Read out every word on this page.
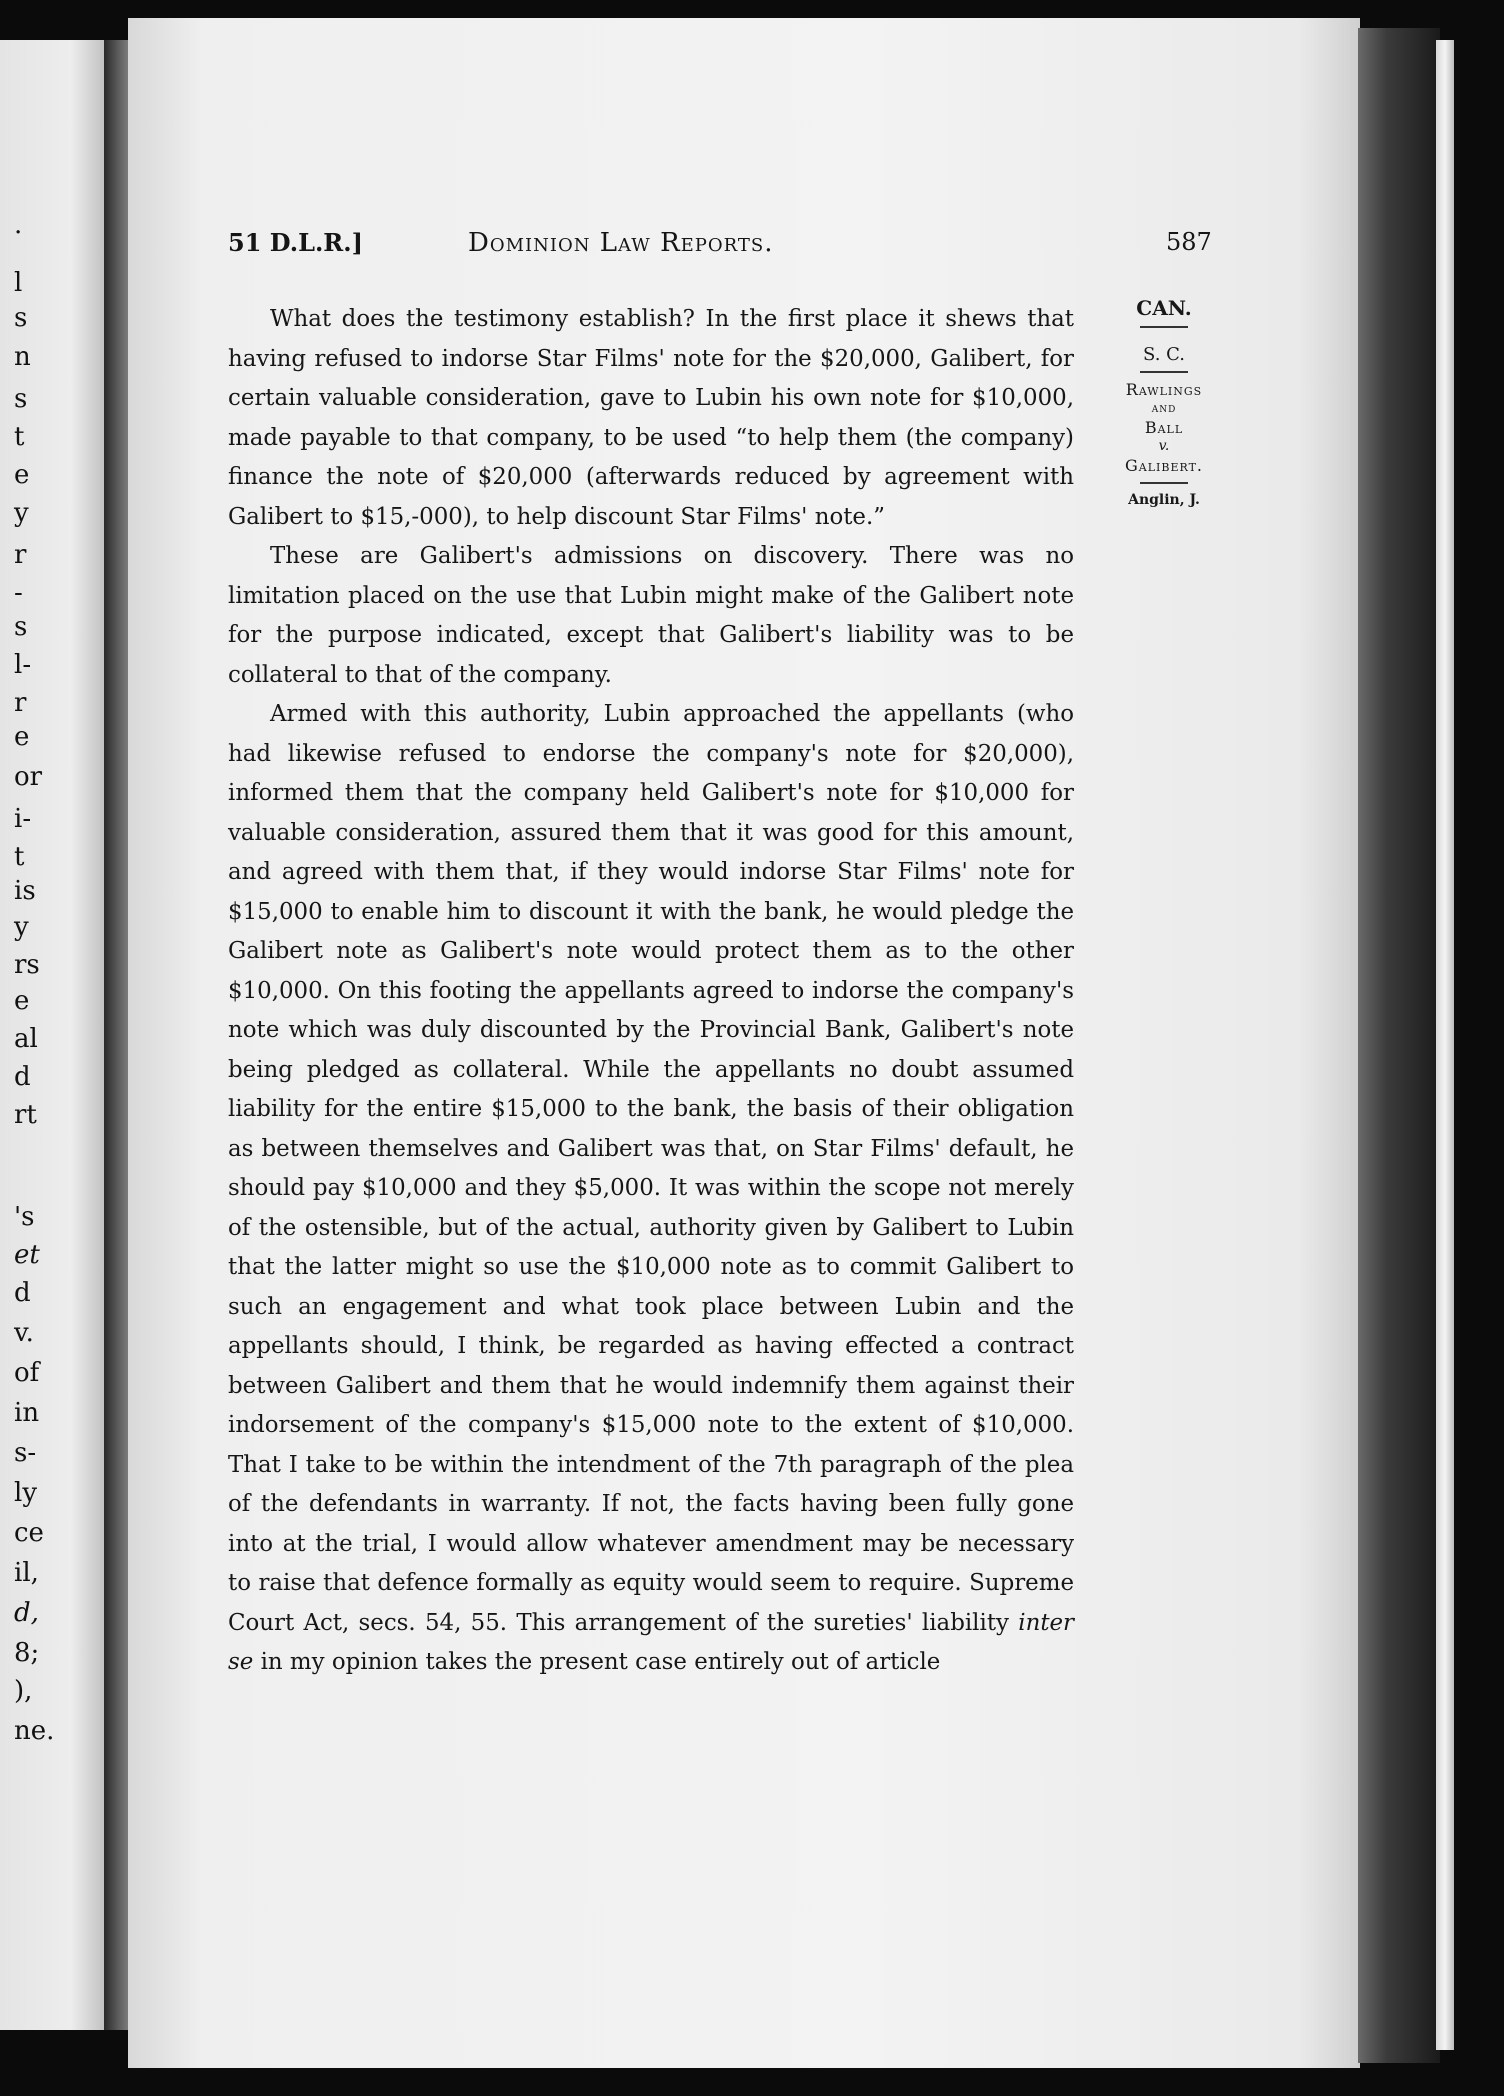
.
l
s
n
s
t
e
y
r
-
s
l-
r
e
or
i-
t
is
y
rs
e
al
d
rt
's
et
d
v.
of
in
s-
ly
ce
il,
d,
8;
),
ne.
51 D.L.R.]	Dominion Law Reports.	587
CAN.
S. C.
Rawlings
and
Ball
v.
Galibert.
Anglin, J.

What does the testimony establish? In the first place it shews that having refused to indorse Star Films' note for the $20,000, Galibert, for certain valuable consideration, gave to Lubin his own note for $10,000, made payable to that company, to be used “to help them (the company) finance the note of $20,000 (afterwards reduced by agreement with Galibert to $15,-000), to help discount Star Films' note.”

These are Galibert's admissions on discovery. There was no limitation placed on the use that Lubin might make of the Galibert note for the purpose indicated, except that Galibert's liability was to be collateral to that of the company.

Armed with this authority, Lubin approached the appellants (who had likewise refused to endorse the company's note for $20,000), informed them that the company held Galibert's note for $10,000 for valuable consideration, assured them that it was good for this amount, and agreed with them that, if they would indorse Star Films' note for $15,000 to enable him to discount it with the bank, he would pledge the Galibert note as Galibert's note would protect them as to the other $10,000. On this footing the appellants agreed to indorse the company's note which was duly discounted by the Provincial Bank, Galibert's note being pledged as collateral. While the appellants no doubt assumed liability for the entire $15,000 to the bank, the basis of their obligation as between themselves and Galibert was that, on Star Films' default, he should pay $10,000 and they $5,000. It was within the scope not merely of the ostensible, but of the actual, authority given by Galibert to Lubin that the latter might so use the $10,000 note as to commit Galibert to such an engagement and what took place between Lubin and the appellants should, I think, be regarded as having effected a contract between Galibert and them that he would indemnify them against their indorsement of the company's $15,000 note to the extent of $10,000. That I take to be within the intendment of the 7th paragraph of the plea of the defendants in warranty. If not, the facts having been fully gone into at the trial, I would allow whatever amendment may be necessary to raise that defence formally as equity would seem to require. Supreme Court Act, secs. 54, 55. This arrangement of the sureties' liability inter se in my opinion takes the present case entirely out of article
